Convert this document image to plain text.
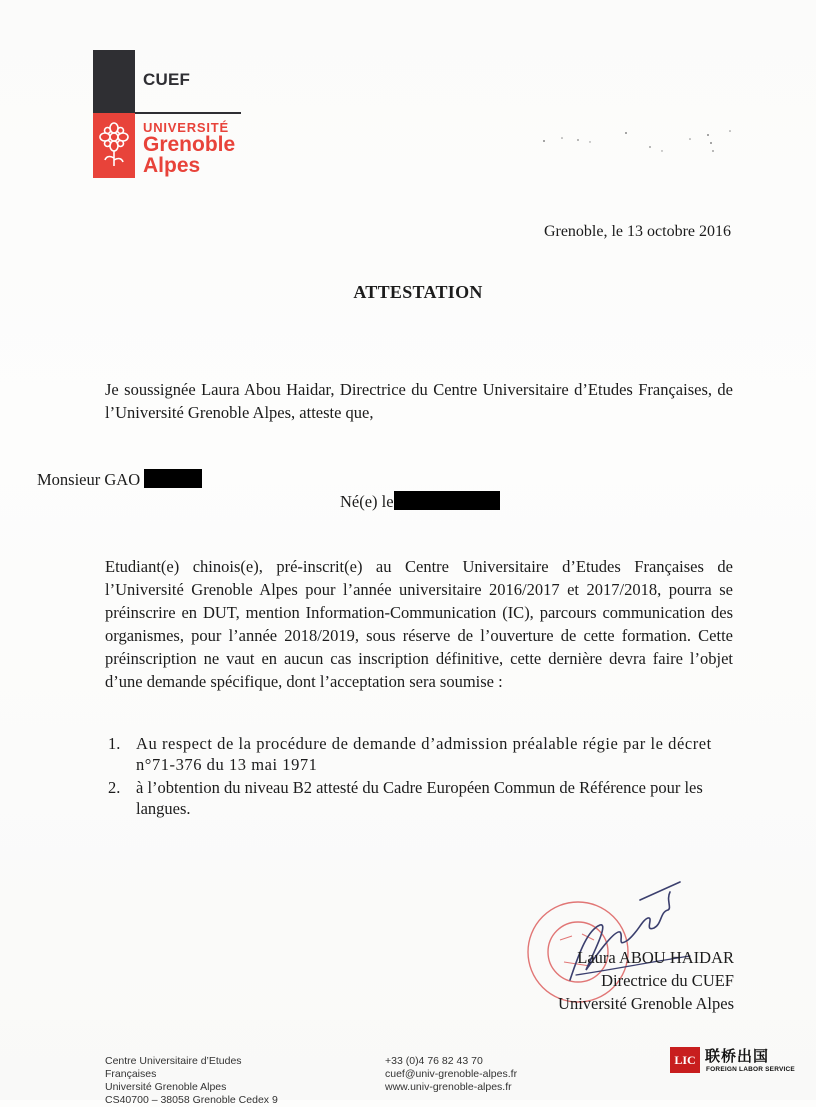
CUEF
UNIVERSITÉ
Grenoble
Alpes
Grenoble, le 13 octobre 2016
ATTESTATION
Je soussignée Laura Abou Haidar, Directrice du Centre Universitaire d’Etudes Françaises, de l’Université Grenoble Alpes, atteste que,
Monsieur GAO
Né(e) le
Etudiant(e) chinois(e), pré-inscrit(e) au Centre Universitaire d’Etudes Françaises de l’Université Grenoble Alpes pour l’année universitaire 2016/2017 et 2017/2018, pourra se préinscrire en DUT, mention Information-Communication (IC), parcours communication des organismes, pour l’année 2018/2019, sous réserve de l’ouverture de cette formation. Cette préinscription ne vaut en aucun cas inscription définitive, cette dernière devra faire l’objet d’une demande spécifique, dont l’acceptation sera soumise :
1. Au respect de la procédure de demande d’admission préalable régie par le décret n°71-376 du 13 mai 1971
2. à l’obtention du niveau B2 attesté du Cadre Européen Commun de Référence pour les langues.
Laura ABOU HAIDAR
Directrice du CUEF
Université Grenoble Alpes
Centre Universitaire d’Etudes
Françaises
Université Grenoble Alpes
CS40700 – 38058 Grenoble Cedex 9
+33 (0)4 76 82 43 70
cuef@univ-grenoble-alpes.fr
www.univ-grenoble-alpes.fr
LIC 联桥出国
FOREIGN LABOR SERVICE
